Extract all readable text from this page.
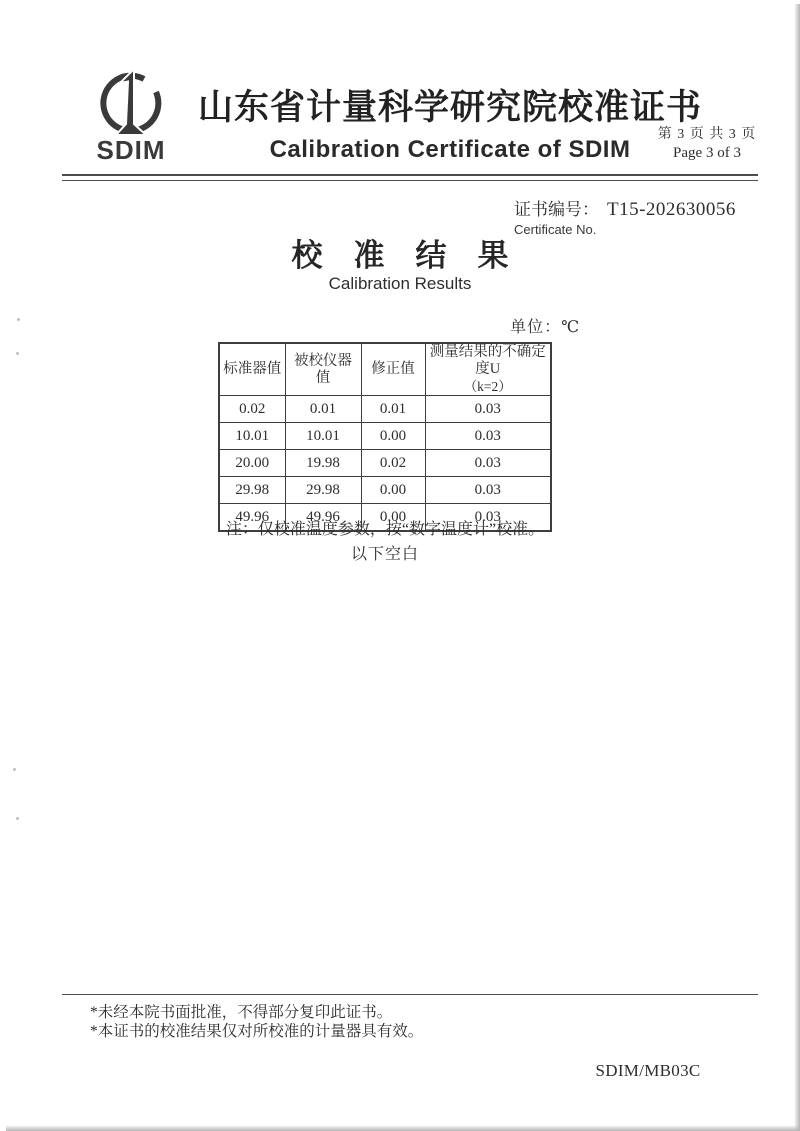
SDIM
山东省计量科学研究院校准证书
Calibration Certificate of SDIM
第 3 页 共 3 页
Page 3 of 3
证书编号： T15-202630056
Certificate No.
校　准　结　果
Calibration Results
单位：℃
标准器值	被校仪器值	修正值	测量结果的不确定度U
（k=2）

0.02	0.01	0.01	0.03
10.01	10.01	0.00	0.03
20.00	19.98	0.02	0.03
29.98	29.98	0.00	0.03
49.96	49.96	0.00	0.03
注：仅校准温度参数，按“数字温度计”校准。
以下空白
*未经本院书面批准，不得部分复印此证书。
*本证书的校准结果仅对所校准的计量器具有效。
SDIM/MB03C
